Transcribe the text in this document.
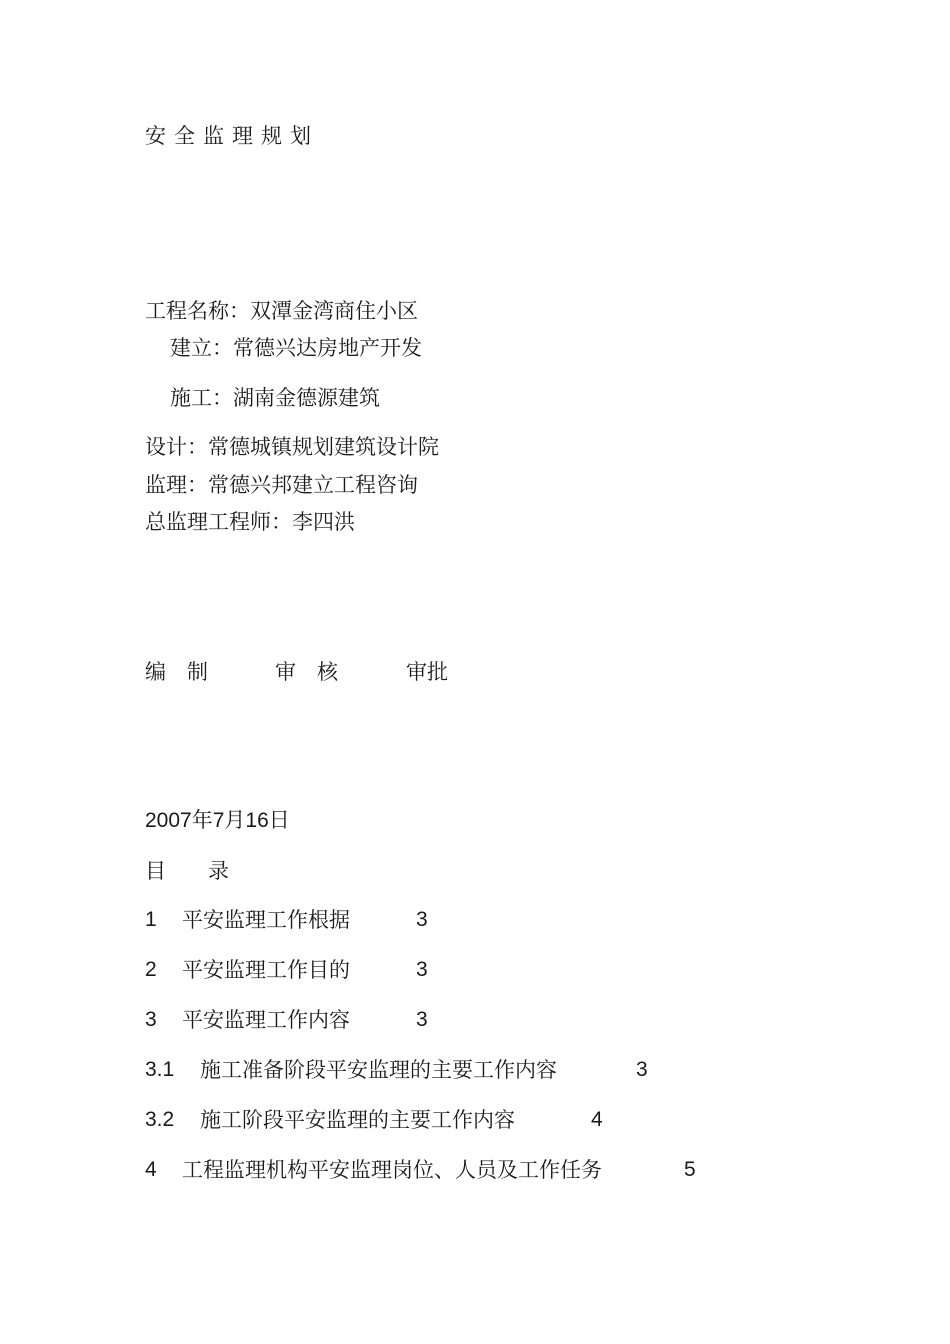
安全监理规划
工程名称：双潭金湾商住小区
建立：常德兴达房地产开发
施工：湖南金德源建筑
设计：常德城镇规划建筑设计院
监理：常德兴邦建立工程咨询
总监理工程师：李四洪
编　制	审　核	审批
2007年7月16日
目　　录
1 平安监理工作根据	3
2 平安监理工作目的	3
3 平安监理工作内容	3
3.1 施工准备阶段平安监理的主要工作内容	3
3.2 施工阶段平安监理的主要工作内容	4
4 工程监理机构平安监理岗位、人员及工作任务	5
